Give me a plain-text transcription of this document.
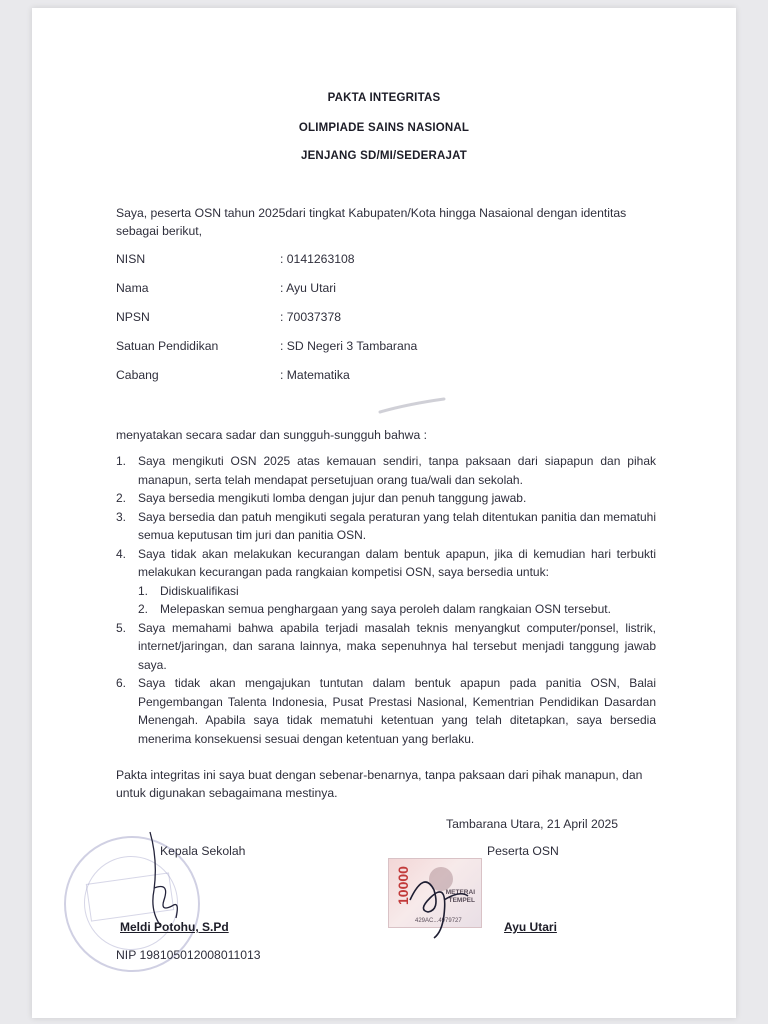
PAKTA INTEGRITAS
OLIMPIADE SAINS NASIONAL
JENJANG SD/MI/SEDERAJAT
Saya, peserta OSN tahun 2025dari tingkat Kabupaten/Kota hingga Nasaional dengan identitas sebagai berikut,
NISN	: 0141263108
Nama	: Ayu Utari
NPSN	: 70037378
Satuan Pendidikan	: SD Negeri 3 Tambarana
Cabang	: Matematika
menyatakan secara sadar dan sungguh-sungguh bahwa :
1. Saya mengikuti OSN 2025 atas kemauan sendiri, tanpa paksaan dari siapapun dan pihak manapun, serta telah mendapat persetujuan orang tua/wali dan sekolah.
2. Saya bersedia mengikuti lomba dengan jujur dan penuh tanggung jawab.
3. Saya bersedia dan patuh mengikuti segala peraturan yang telah ditentukan panitia dan mematuhi semua keputusan tim juri dan panitia OSN.
4. Saya tidak akan melakukan kecurangan dalam bentuk apapun, jika di kemudian hari terbukti melakukan kecurangan pada rangkaian kompetisi OSN, saya bersedia untuk:
1. Didiskualifikasi
2. Melepaskan semua penghargaan yang saya peroleh dalam rangkaian OSN tersebut.
5. Saya memahami bahwa apabila terjadi masalah teknis menyangkut computer/ponsel, listrik, internet/jaringan, dan sarana lainnya, maka sepenuhnya hal tersebut menjadi tanggung jawab saya.
6. Saya tidak akan mengajukan tuntutan dalam bentuk apapun pada panitia OSN, Balai Pengembangan Talenta Indonesia, Pusat Prestasi Nasional, Kementrian Pendidikan Dasardan Menengah. Apabila saya tidak mematuhi ketentuan yang telah ditetapkan, saya bersedia menerima konsekuensi sesuai dengan ketentuan yang berlaku.
Pakta integritas ini saya buat dengan sebenar-benarnya, tanpa paksaan dari pihak manapun, dan untuk digunakan sebagaimana mestinya.
Tambarana Utara, 21 April 2025
Kepala Sekolah
Meldi Potohu, S.Pd
NIP 198105012008011013
Peserta OSN
10000	METERAI
TEMPEL
429AC...4979727	Ayu Utari
